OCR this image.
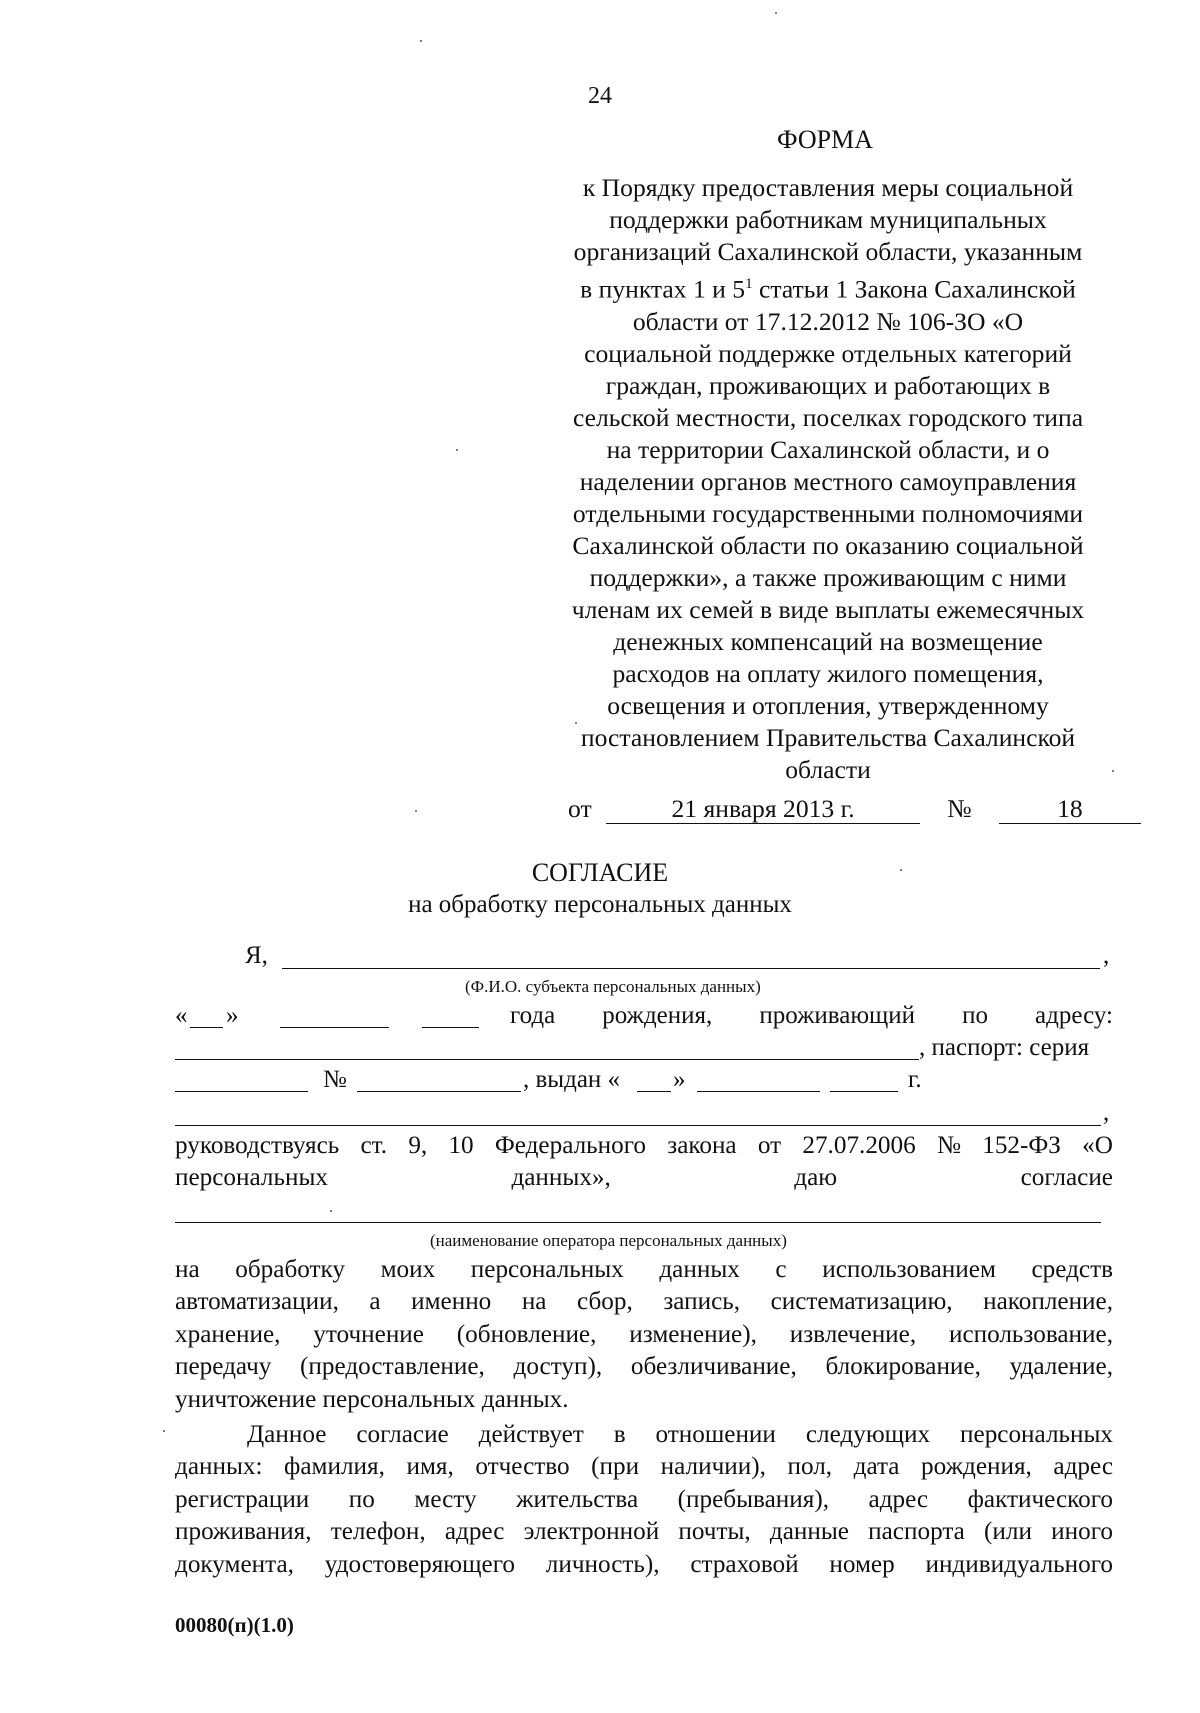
24
ФОРМА
к Порядку предоставления меры социальной
поддержки работникам муниципальных
организаций Сахалинской области, указанным
в пунктах 1 и $5^1$ статьи 1 Закона Сахалинской
области от 17.12.2012 № 106-ЗО «О
социальной поддержке отдельных категорий
граждан, проживающих и работающих в
сельской местности, поселках городского типа
на территории Сахалинской области, и о
наделении органов местного самоуправления
отдельными государственными полномочиями
Сахалинской области по оказанию социальной
поддержки», а также проживающим с ними
членам их семей в виде выплаты ежемесячных
денежных компенсаций на возмещение
расходов на оплату жилого помещения,
освещения и отопления, утвержденному
постановлением Правительства Сахалинской
области
от	21 января 2013 г.	№	18
СОГЛАСИЕ
на обработку персональных данных
Я,	,
(Ф.И.О. субъекта персональных данных)
« »	года рождения, проживающий по адресу:
, паспорт: серия
№	, выдан « »	г.
,
руководствуясь ст. 9, 10 Федерального закона от 27.07.2006 № 152-ФЗ «О
персональных	данных»,	даю	согласие
(наименование оператора персональных данных)
на обработку моих персональных данных с использованием средств
автоматизации, а именно на сбор, запись, систематизацию, накопление,
хранение, уточнение (обновление, изменение), извлечение, использование,
передачу (предоставление, доступ), обезличивание, блокирование, удаление,
уничтожение персональных данных.
Данное согласие действует в отношении следующих персональных
данных: фамилия, имя, отчество (при наличии), пол, дата рождения, адрес
регистрации по месту жительства (пребывания), адрес фактического
проживания, телефон, адрес электронной почты, данные паспорта (или иного
документа, удостоверяющего личность), страховой номер индивидуального
00080(п)(1.0)
